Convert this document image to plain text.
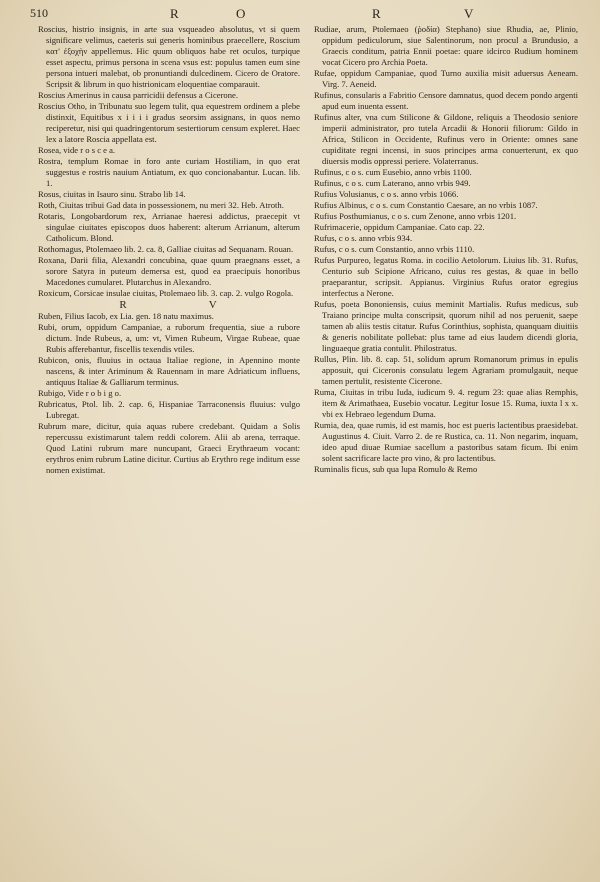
510	R	O	R	V

Roscius, histrio insignis, in arte sua vsqueadeo absolutus, vt si quem significare velimus, caeteris sui generis hominibus praecellere, Roscium κατ' ἐξοχὴν appellemus. Hic quum obliquos habe ret oculos, turpique esset aspectu, primus persona in scena vsus est: populus tamen eum sine persona intueri malebat, ob pronuntiandi dulcedinem. Cicero de Oratore. Scripsit & librum in quo histrionicam eloquentiae comparauit.

Roscius Amerinus in causa parricidii defensus a Cicerone.

Roscius Otho, in Tribunatu suo legem tulit, qua equestrem ordinem a plebe distinxit, Equitibus x i i i i gradus seorsim assignans, in quos nemo reciperetur, nisi qui quadringentorum sestertiorum censum expleret. Haec lex a latore Roscia appellata est.

Rosea, vide r o s c e a.

Rostra, templum Romae in foro ante curiam Hostiliam, in quo erat suggestus e rostris nauium Antiatum, ex quo concionabantur. Lucan. lib. 1.

Rosus, ciuitas in Isauro sinu. Strabo lib 14.

Roth, Ciuitas tribui Gad data in possessionem, nu meri 32. Heb. Atroth.

Rotaris, Longobardorum rex, Arrianae haeresi addictus, praecepit vt singulae ciuitates episcopos duos haberent: alterum Arrianum, alterum Catholicum. Blond.

Rothomagus, Ptolemaeo lib. 2. ca. 8, Galliae ciuitas ad Sequanam. Rouan.

Roxana, Darii filia, Alexandri concubina, quae quum praegnans esset, a sorore Satyra in puteum demersa est, quod ea praecipuis honoribus Macedones cumularet. Plutarchus in Alexandro.

Roxicum, Corsicae insulae ciuitas, Ptolemaeo lib. 3. cap. 2. vulgo Rogola.

R	V

Ruben, Filius Iacob, ex Lia. gen. 18 natu maximus.

Rubi, orum, oppidum Campaniae, a ruborum frequentia, siue a rubore dictum. Inde Rubeus, a, um: vt, Vimen Rubeum, Virgae Rubeae, quae Rubis afferebantur, fiscellis texendis vtiles.

Rubicon, onis, fluuius in octaua Italiae regione, in Apennino monte nascens, & inter Ariminum & Rauennam in mare Adriaticum influens, antiquus Italiae & Galliarum terminus.

Rubigo, Vide r o b i g o.

Rubricatus, Ptol. lib. 2. cap. 6, Hispaniae Tarraconensis fluuius: vulgo Lubregat.

Rubrum mare, dicitur, quia aquas rubere credebant. Quidam a Solis repercussu existimarunt talem reddi colorem. Alii ab arena, terraque. Quod Latini rubrum mare nuncupant, Graeci Erythraeum vocant: erythros enim rubrum Latine dicitur. Curtius ab Erythro rege inditum esse nomen existimat.

Rudiae, arum, Ptolemaeo (ῥοδία) Stephano) siue Rhudia, ae, Plinio, oppidum pediculorum, siue Salentinorum, non procul a Brundusio, a Graecis conditum, patria Ennii poetae: quare idcirco Rudium hominem vocat Cicero pro Archia Poeta.

Rufae, oppidum Campaniae, quod Turno auxilia misit aduersus Aeneam. Virg. 7. Aeneid.

Rufinus, consularis a Fabritio Censore damnatus, quod decem pondo argenti apud eum inuenta essent.

Rufinus alter, vna cum Stilicone & Gildone, reliquis a Theodosio seniore imperii administrator, pro tutela Arcadii & Honorii filiorum: Gildo in Africa, Stilicon in Occidente, Rufinus vero in Oriente: omnes sane cupiditate regni incensi, in suos principes arma conuerterunt, ex quo diuersis modis oppressi periere. Volaterranus.

Rufinus, c o s. cum Eusebio, anno vrbis 1100.

Rufinus, c o s. cum Laterano, anno vrbis 949.

Rufius Volusianus, c o s. anno vrbis 1066.

Rufius Albinus, c o s. cum Constantio Caesare, an no vrbis 1087.

Rufius Posthumianus, c o s. cum Zenone, anno vrbis 1201.

Rufrimacerie, oppidum Campaniae. Cato cap. 22.

Rufus, c o s. anno vrbis 934.

Rufus, c o s. cum Constantio, anno vrbis 1110.

Rufus Purpureo, legatus Roma. in cocilio Aetolorum. Liuius lib. 31. Rufus, Centurio sub Scipione Africano, cuius res gestas, & quae in bello praeparantur, scripsit. Appianus. Virginius Rufus orator egregius interfectus a Nerone.

Rufus, poeta Bononiensis, cuius meminit Martialis. Rufus medicus, sub Traiano principe multa conscripsit, quorum nihil ad nos peruenit, saepe tamen ab aliis testis citatur. Rufus Corinthius, sophista, quanquam diuitiis & generis nobilitate pollebat: plus tame ad eius laudem dicendi gloria, linguaeque gratia contulit. Philostratus.

Rullus, Plin. lib. 8. cap. 51, solidum aprum Romanorum primus in epulis apposuit, qui Ciceronis consulatu legem Agrariam promulgauit, neque tamen pertulit, resistente Cicerone.

Ruma, Ciuitas in tribu Iuda, iudicum 9. 4. regum 23: quae alias Remphis, item & Arimathaea, Eusebio vocatur. Legitur Iosue 15. Ruma, iuxta l x x. vbi ex Hebraeo legendum Duma.

Rumia, dea, quae rumis, id est mamis, hoc est pueris lactentibus praesidebat. Augustinus 4. Ciuit. Varro 2. de re Rustica, ca. 11. Non negarim, inquam, ideo apud diuae Rumiae sacellum a pastoribus satam ficum. Ibi enim solent sacrificare lacte pro vino, & pro lactentibus.

Ruminalis ficus, sub qua lupa Romulo & Remo
